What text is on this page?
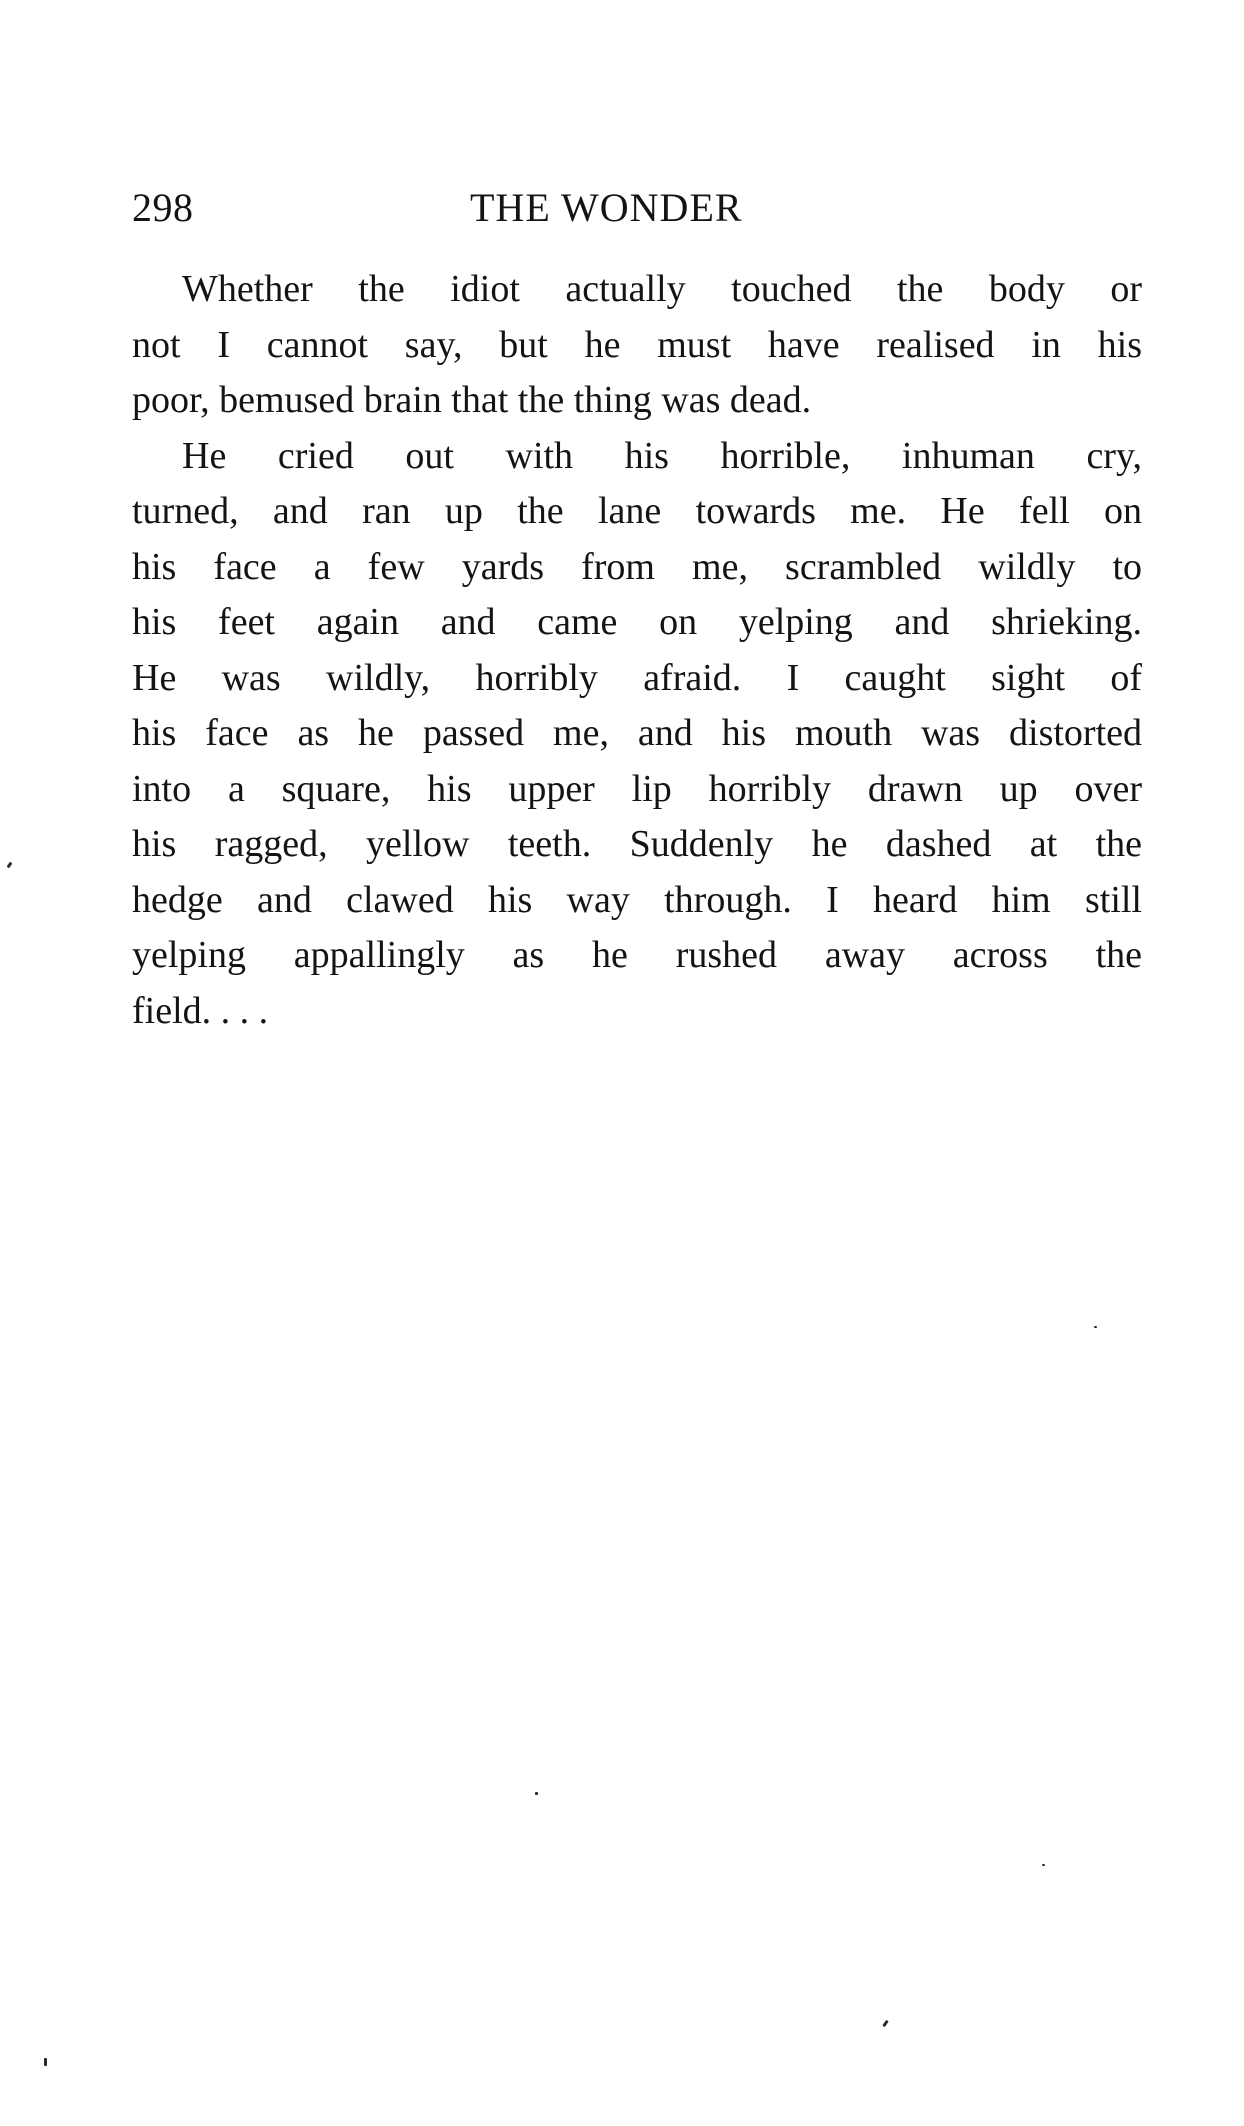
298	THE WONDER

Whether the idiot actually touched the body or
not I cannot say, but he must have realised in his
poor, bemused brain that the thing was dead.

He cried out with his horrible, inhuman cry,
turned, and ran up the lane towards me. He fell on
his face a few yards from me, scrambled wildly to
his feet again and came on yelping and shrieking.
He was wildly, horribly afraid. I caught sight of
his face as he passed me, and his mouth was distorted
into a square, his upper lip horribly drawn up over
his ragged, yellow teeth. Suddenly he dashed at the
hedge and clawed his way through. I heard him still
yelping appallingly as he rushed away across the
field. . . .
